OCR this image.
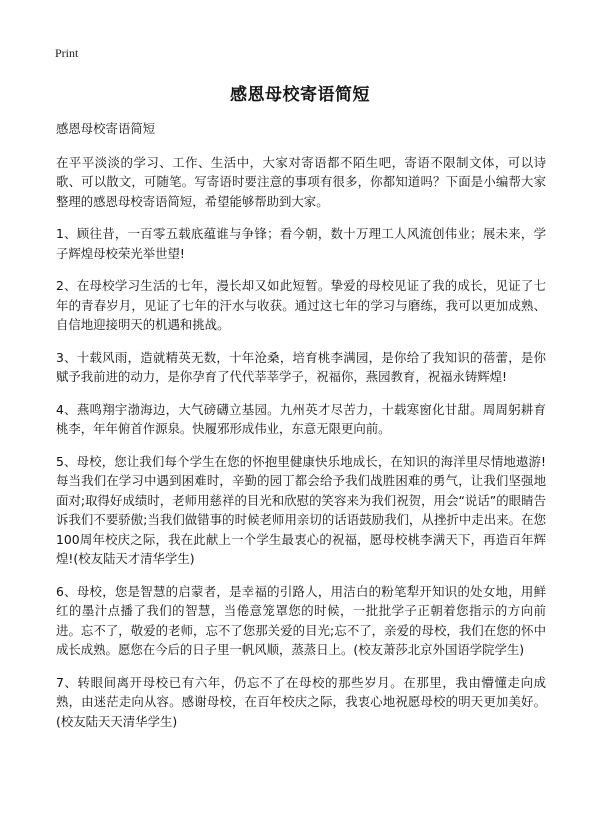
Print
感恩母校寄语简短

感恩母校寄语简短

在平平淡淡的学习、工作、生活中，大家对寄语都不陌生吧，寄语不限制文体，可以诗歌、可以散文，可随笔。写寄语时要注意的事项有很多，你都知道吗？下面是小编帮大家整理的感恩母校寄语简短，希望能够帮助到大家。

1、顾往昔，一百零五载底蕴谁与争锋；看今朝，数十万理工人风流创伟业；展未来，学子辉煌母校荣光举世望!

2、在母校学习生活的七年，漫长却又如此短暂。挚爱的母校见证了我的成长，见证了七年的青春岁月，见证了七年的汗水与收获。通过这七年的学习与磨练，我可以更加成熟、自信地迎接明天的机遇和挑战。

3、十载风雨，造就精英无数，十年沧桑，培育桃李满园，是你给了我知识的蓓蕾，是你赋予我前进的动力，是你孕育了代代莘莘学子，祝福你，燕园教育，祝福永铸辉煌!

4、燕鸣翔宇渤海边，大气磅礴立基园。九州英才尽苦力，十载寒窗化甘甜。周周躬耕育桃李，年年俯首作源泉。快履邪形成伟业，东意无限更向前。

5、母校，您让我们每个学生在您的怀抱里健康快乐地成长，在知识的海洋里尽情地遨游!每当我们在学习中遇到困难时，辛勤的园丁都会给予我们战胜困难的勇气，让我们坚强地面对;取得好成绩时，老师用慈祥的目光和欣慰的笑容来为我们祝贺，用会“说话”的眼睛告诉我们不要骄傲;当我们做错事的时候老师用亲切的话语鼓励我们，从挫折中走出来。在您100周年校庆之际，我在此献上一个学生最衷心的祝福，愿母校桃李满天下，再造百年辉煌!(校友陆天才清华学生)

6、母校，您是智慧的启蒙者，是幸福的引路人，用洁白的粉笔犁开知识的处女地，用鲜红的墨汁点播了我们的智慧，当倦意笼罩您的时候，一批批学子正朝着您指示的方向前进。忘不了，敬爱的老师，忘不了您那关爱的目光;忘不了，亲爱的母校，我们在您的怀中成长成熟。愿您在今后的日子里一帆风顺，蒸蒸日上。(校友萧莎北京外国语学院学生)

7、转眼间离开母校已有六年，仍忘不了在母校的那些岁月。在那里，我由懵懂走向成熟，由迷茫走向从容。感谢母校，在百年校庆之际，我衷心地祝愿母校的明天更加美好。(校友陆天天清华学生)
